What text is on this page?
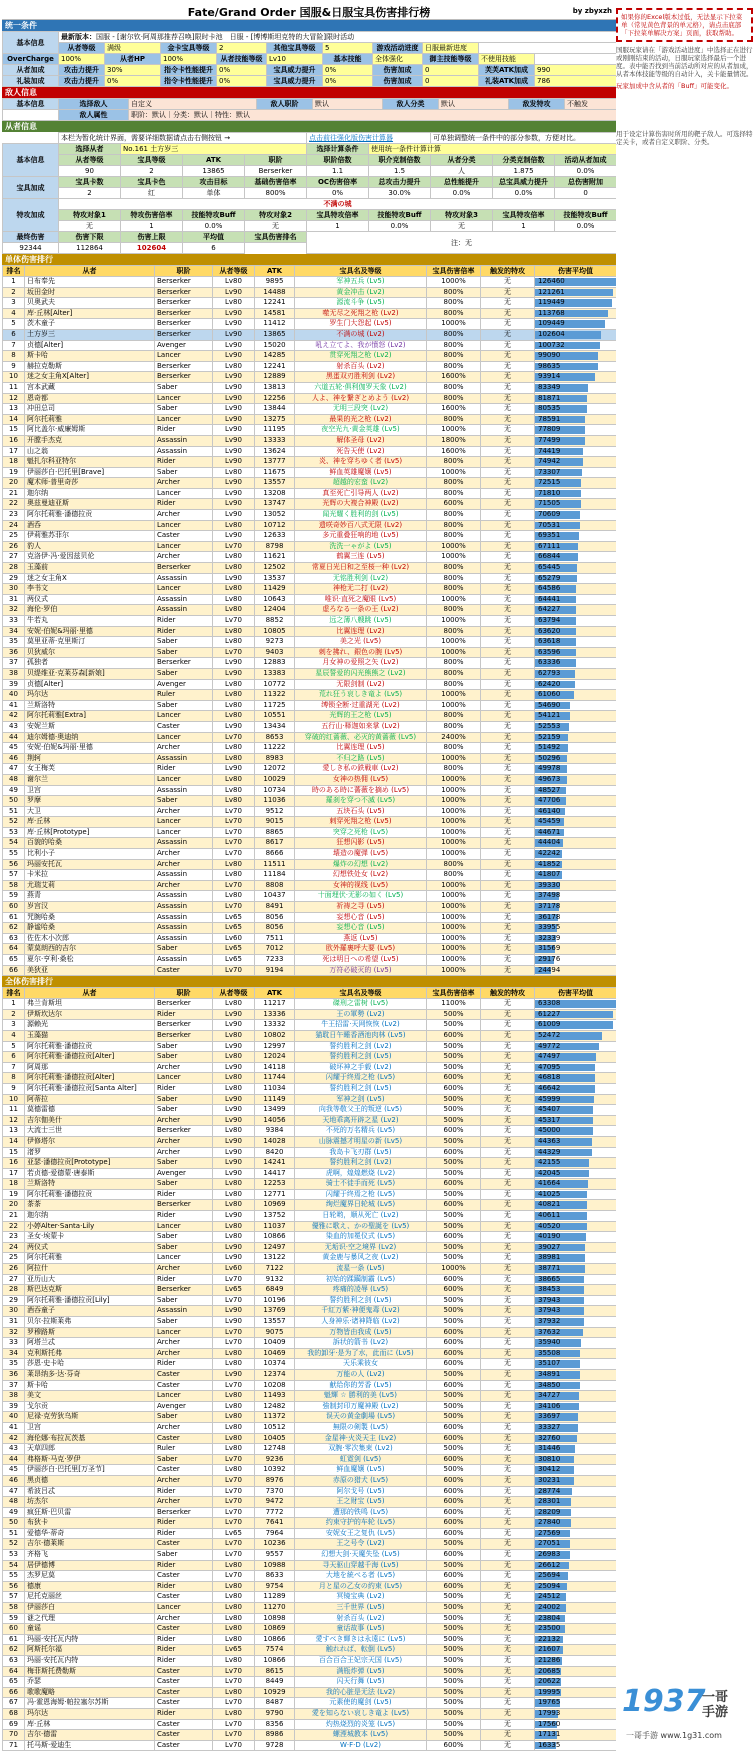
Fate/Grand Order 国服&日服宝具伤害排行榜	by zbyxzh
统一条件
基本信息	最新版本：国服 - [谢尔钦·阿周那推荐召唤]限时卡池　日服 - [博博斯坦克特的大冒险]限时活动									
	从者等级	满级	金卡宝具等级	2	其他宝具等级	5	游戏活动进度	日服最新进度		
OverCharge	100%	从者HP	100%	从者技能等级	Lv10	基本技能	全体强化	御主技能等级	不使用技能	
从者加成	攻击力提升	30%	指令卡性能提升	0%	宝具威力提升	0%	伤害加成	0	芙芙ATK加成	990
礼装加成	攻击力提升	0%	指令卡性能提升	0%	宝具威力提升	0%	伤害加成	0	礼装ATK加成	786
敌人信息
基本信息	选择敌人	自定义	敌人职阶	默认	敌人分类	默认	敌发特攻	不触发
	敌人属性	职阶：默认｜分类：默认｜特性：默认						
从者信息
	本栏为暂化统计界面，需要详细数据请点击右侧按钮 →				点击前往强化版伤害计算器		可单独调整统一条件中的部分参数，方便对比。		
基本信息	选择从者	No.161 土方岁三			选择计算条件	使用统一条件计算计算			
	从者等级	宝具等级	ATK	职阶	职阶倍数	职介克制倍数	从者分类	分类克制倍数	活动从者加成
	90	2	13865	Berserker	1.1	1.5	人	1.875	0.0%
宝具加成									
	宝具卡数	宝具卡色	攻击目标	基础伤害倍率	OC伤害倍率	总攻击力提升	总性能提升	总宝具威力提升	总伤害附加
	2	红	单体	800%	0%	30.0%	0.0%	0.0%	0
特攻加成	不满の城								
	特攻对象1	特攻伤害倍率	技能特攻Buff	特攻对象2	宝具特攻倍率	技能特攻Buff	特攻对象3	宝具特攻倍率	技能特攻Buff
	无	1	0.0%	无	1	0.0%	无	1	0.0%
最终伤害									
	伤害下限	伤害上限	平均值	宝具伤害排名	注：无				
92344	112864	102604	6						
单体伤害排行
排名	从者	职阶	从者等级	ATK	宝具名及等级	宝具伤害倍率	触发的特攻	伤害平均值
1	日布奉先	Berserker	Lv80	9895	军神五兵 (Lv5)	1000%	无	126460
2	坂田金时	Berserker	Lv90	14488	黄金冲击 (Lv2)	800%	无	121261
3	贝奥武夫	Berserker	Lv80	12241	源流斗争 (Lv5)	800%	无	119449
4	库·丘林[Alter]	Berserker	Lv90	14581	噬无尽之死翔之枪 (Lv2)	800%	无	113768
5	茨木童子	Berserker	Lv90	11412	罗生门大怨起 (Lv5)	1000%	无	109449
6	土方岁三	Berserker	Lv90	13865	不满の城 (Lv2)	800%	无	102604
7	贞德[Alter]	Avenger	Lv90	15020	吼え立てよ、我が憤怒 (Lv2)	800%	无	100732
8	斯卡哈	Lancer	Lv90	14285	贯穿死翔之枪 (Lv2)	800%	无	99090
9	赫拉克勒斯	Berserker	Lv80	12241	射杀百头 (Lv2)	800%	无	98635
10	迷之女主角X[Alter]	Berserker	Lv90	12889	黑蛋双刃胜利剑 (Lv2)	1600%	无	93914
11	宫本武藏	Saber	Lv90	13813	六道五轮·俱利伽罗天象 (Lv2)	800%	无	83349
12	恩奇都	Lancer	Lv90	12256	人よ、神を繋ぎとめよう (Lv2)	800%	无	81871
13	冲田总司	Saber	Lv90	13844	无明三段突 (Lv2)	1600%	无	80535
14	阿尔托莉雅	Lancer	Lv90	13275	最果的光之枪 (Lv2)	800%	无	78591
15	阿比盖尔·威廉姆斯	Rider	Lv90	11195	夜空光九·黄金英雄 (Lv5)	1000%	无	77809
16	开膛手杰克	Assassin	Lv90	13333	解体圣母 (Lv2)	1800%	无	77499
17	山之翁	Assassin	Lv90	13624	死告天使 (Lv2)	1600%	无	74419
18	魁扎尔科亚特尔	Rider	Lv90	13777	炎、神を穿ちゆく者 (Lv5)	800%	无	74942
19	伊丽莎白·巴托里[Brave]	Saber	Lv80	11675	鲜血英雄魔嬢 (Lv5)	1000%	无	73307
20	魔术师·普里奇莎	Archer	Lv90	13557	超越的宏蛮 (Lv2)	800%	无	72515
21	迦尔纳	Lancer	Lv90	13208	真至死亡引导两人 (Lv2)	800%	无	71810
22	奥兹曼迪亚斯	Rider	Lv90	13747	光辉の大複合神殿 (Lv2)	600%	无	71505
23	阿尔托莉雅·潘德拉贡	Archer	Lv90	13052	闻光耀く胜利的剑 (Lv5)	800%	无	70609
24	酒呑	Lancer	Lv80	10712	遗咲奇妙百八式无限 (Lv2)	800%	无	70531
25	伊莉雅苏菲尔	Caster	Lv90	12633	多元重叠狂响的地 (Lv5)	800%	无	69351
26	豹人	Lancer	Lv70	8798	洗洗一ゃがよ (Lv5)	1000%	无	67111
27	克洛伊·冯·爱因兹贝伦	Archer	Lv80	11621	鹤翼三连 (Lv5)	1000%	无	66844
28	玉藻前	Berserker	Lv80	12502	常夏日光日和之至桜一种 (Lv2)	800%	无	65445
29	迷之女主角X	Assassin	Lv90	13537	无铭胜利剑 (Lv2)	800%	无	65279
30	李书文	Lancer	Lv80	11429	神枪无二打 (Lv2)	800%	无	64586
31	两仪式	Assassin	Lv80	10643	唯识·直死之魔眼 (Lv5)	1000%	无	64441
32	海伦·罗伯	Assassin	Lv80	12404	虚ろなる一条の王 (Lv2)	800%	无	64227
33	牛若丸	Rider	Lv70	8852	远之薄八艘跳 (Lv5)	1000%	无	63794
34	安妮·伯妮&玛丽·里德	Rider	Lv80	10805	比翼连理 (Lv2)	800%	无	63620
35	莫里亚蒂·克里斯汀	Saber	Lv80	9273	美之光 (Lv5)	1000%	无	63618
36	贝狄威尔	Saber	Lv70	9403	刺を拂れ、銀色の腕 (Lv5)	1000%	无	63596
37	孤独者	Berserker	Lv90	12883	月女神の爱照之矢 (Lv2)	800%	无	63336
38	贝缇维亚·克莱芬森[新娘]	Saber	Lv90	13383	星辰誓爱的闪光熊熊之 (Lv2)	800%	无	62793
39	贞德[Alter]	Avenger	Lv80	10772	无限剑制 (Lv2)	800%	无	62420
40	玛尔达	Ruler	Lv80	11322	荒れ狂う哀しき竜よ (Lv5)	1000%	无	61060
41	兰斯洛特	Saber	Lv80	11725	缚锁全断·过重湖光 (Lv2)	1000%	无	54690
42	阿尔托莉雅[Extra]	Lancer	Lv80	10551	光辉的王之枪 (Lv5)	800%	无	54121
43	安妮兰斯	Caster	Lv90	13434	五行山·释迦如来掌 (Lv2)	800%	无	52553
44	迪尔姆德·奥迪纳	Lancer	Lv70	8653	穿破的红蔷薇、必灭的黄蔷薇 (Lv5)	2400%	无	52159
45	安妮·伯妮&玛丽·里德	Archer	Lv80	11222	比翼连理 (Lv5)	800%	无	51492
46	荆轲	Assassin	Lv80	8983	不归之路 (Lv5)	1000%	无	50296
47	女王梅芙	Rider	Lv90	12072	愛しき私の鉄戦車 (Lv2)	800%	无	49978
48	谢尔兰	Lancer	Lv80	10029	女神の热佣 (Lv5)	1000%	无	49673
49	卫宫	Assassin	Lv80	10734	時のある時に薔薇を摘め (Lv5)	1000%	无	48527
50	罗摩	Saber	Lv80	11036	羅刹を穿つ不滅 (Lv5)	1000%	无	47706
51	大卫	Archer	Lv70	9512	五块石头 (Lv5)	1000%	无	46140
52	库·丘林	Lancer	Lv70	9015	刺穿死翔之枪 (Lv5)	1000%	无	45459
53	库·丘林[Prototype]	Lancer	Lv70	8865	突穿之死枪 (Lv5)	1000%	无	44671
54	百貌的哈桑	Assassin	Lv70	8617	狂想闪影 (Lv5)	1000%	无	44404
55	比利小子	Archer	Lv70	8666	壊造の魔弾 (Lv5)	1000%	无	42242
56	玛丽安托瓦	Archer	Lv80	11511	爆炸の幻想 (Lv2)	800%	无	41852
57	卡米拉	Assassin	Lv80	11184	幻想铁处女 (Lv2)	800%	无	41807
58	尤瑞艾莉	Archer	Lv70	8808	女神的视线 (Lv5)	1000%	无	39330
59	燕青	Assassin	Lv80	10437	十面埋伏·无影の如く (Lv5)	1000%	无	37498
60	岁宫汉	Assassin	Lv70	8491	祈祷之寻 (Lv5)	1000%	无	37178
61	咒腕哈桑	Assassin	Lv65	8056	妄想心音 (Lv5)	1000%	无	36178
62	静谧哈桑	Assassin	Lv65	8056	妄想心音 (Lv5)	1000%	无	33955
63	佐佐木小次郎	Assassin	Lv60	7511	燕返 (Lv5)	1000%	无	32339
64	蒙莫朗西的吉尔	Saber	Lv65	7012	欧外羅裏呼大要 (Lv5)	1000%	无	31569
65	夏尔·亨利·桑松	Assassin	Lv65	7233	死は明日への希望 (Lv5)	1000%	无	29176
66	美狄亚	Caster	Lv70	9194	万符必破灭的 (Lv5)	1000%	无	24494
全体伤害排行
排名	从者	职阶	从者等级	ATK	宝具名及等级	宝具伤害倍率	触发的特攻	伤害平均值
1	弗兰肯斯坦	Berserker	Lv80	11217	磔刑之雷树 (Lv5)	1100%	无	63308
2	伊斯坎达尔	Rider	Lv90	13336	王の軍勢 (Lv2)	500%	无	61227
3	源赖光	Berserker	Lv90	13332	牛王招雷·天网恢恢 (Lv2)	500%	无	61009
4	玉藻猫	Berserker	Lv80	10802	猫耽日午睡香酒池肉林 (Lv5)	600%	无	52472
5	阿尔托莉雅·潘德拉贡	Saber	Lv90	12997	誓约胜利之剑 (Lv2)	500%	无	49772
6	阿尔托莉雅·潘德拉贡[Alter]	Saber	Lv80	12024	誓约胜利之剑 (Lv5)	500%	无	47497
7	阿周那	Archer	Lv90	14118	破坏神之手毅 (Lv2)	500%	无	47095
8	阿尔托莉雅·潘德拉贡[Alter]	Lancer	Lv80	11744	闪耀于终焉之枪 (Lv5)	600%	无	46818
9	阿尔托莉雅·潘德拉贡[Santa Alter]	Rider	Lv80	11034	誓约胜利之剑 (Lv5)	600%	无	46642
10	阿蒂拉	Saber	Lv90	11149	军神之剑 (Lv5)	500%	无	45999
11	莫德雷德	Saber	Lv90	13499	向我等敬父王的叛逆 (Lv5)	500%	无	45407
12	吉尔伽美什	Archer	Lv90	14056	天地乖离开辟之星 (Lv2)	500%	无	45317
13	大流士三世	Berserker	Lv80	9384	不死的万名精兵 (Lv5)	600%	无	45000
14	伊修塔尔	Archer	Lv90	14028	山脉震撼才明星の新 (Lv5)	500%	无	44363
15	渚罗	Archer	Lv90	8420	我岛卡飞刃群 (Lv5)	600%	无	44329
16	亚瑟·潘德拉贡[Prototype]	Saber	Lv90	14241	誓约胜利之剑 (Lv2)	500%	无	42155
17	若贞德·爱德蒙·唐泰斯	Avenger	Lv90	14417	虎啊，煌煌燃烧 (Lv2)	500%	无	42045
18	兰斯洛特	Saber	Lv80	12253	骑士不徒手而死 (Lv5)	600%	无	41664
19	阿尔托莉雅·潘德拉贡	Rider	Lv80	12771	闪耀于终焉之枪 (Lv5)	500%	无	41025
20	茶茶	Berserker	Lv80	10969	绚烂魔界日轮城 (Lv5)	600%	无	40821
21	迦尔纳	Rider	Lv90	13752	日轮哟，顺从死亡 (Lv2)	500%	无	40611
22	小婷Alter·Santa·Lily	Lancer	Lv80	11037	優雅に歌え、かの聖誕を (Lv5)	500%	无	40520
23	圣女·埃蒙卡	Saber	Lv80	10866	染血的加冕仪式 (Lv5)	600%	无	40190
24	两仪式	Saber	Lv90	12497	无垢识·空之境界 (Lv2)	500%	无	39027
25	阿尔托莉雅	Lancer	Lv90	13122	黄金鹿与暴风之夜 (Lv2)	500%	无	38981
26	阿拉什	Archer	Lv60	7122	流星一条 (Lv5)	1000%	无	38771
27	亚历山大	Rider	Lv70	9132	初始的蹂躏制霸 (Lv5)	600%	无	38665
28	斯巴达克斯	Berserker	Lv65	6849	疼痛的凌辱 (Lv5)	600%	无	38453
29	阿尔托莉雅·潘德拉贡[Lily]	Saber	Lv70	10196	誓约胜利之剑 (Lv5)	500%	无	37943
30	酒吞童子	Assassin	Lv90	13769	千紅万紫·神便鬼毒 (Lv2)	500%	无	37943
31	贝尔·拉斯莱弗	Saber	Lv90	13557	人身神乐·诸神降临 (Lv2)	500%	无	37932
32	罗穆路斯	Lancer	Lv70	9075	万物皆由我成 (Lv5)	600%	无	37632
33	阿塔兰忒	Archer	Lv70	10409	訴状的箭书 (Lv2)	600%	无	35940
34	克利斯托弗	Archer	Lv80	10469	我的卸牙·是为了水，此而に (Lv5)	600%	无	35508
35	莎恩·史卡哈	Rider	Lv80	10374	天乐乘彼女	600%	无	35107
36	莱昂纳多·达·芬奇	Caster	Lv90	12374	万能の人 (Lv2)	500%	无	34891
37	斯卡哈	Caster	Lv70	10208	献给你的芳香 (Lv5)	600%	无	34850
38	美文	Lancer	Lv80	11493	魁輝 ☆ 勝利的美 (Lv5)	500%	无	34727
39	戈尔贡	Avenger	Lv80	12482	強制封印万魔神殿 (Lv2)	500%	无	34106
40	尼禄·克劳狄乌斯	Saber	Lv80	11372	误天の黄金劇場 (Lv5)	500%	无	33697
41	卫宫	Archer	Lv80	10512	無限の剣製 (Lv5)	600%	无	33327
42	海伦娜·布拉瓦茨基	Caster	Lv80	10405	金星神·火炎天主 (Lv2)	600%	无	32760
43	天草四郎	Ruler	Lv80	12748	双腕·零次集束 (Lv2)	500%	无	31446
44	弗格斯·马克·罗伊	Saber	Lv70	9236	虹霓剑 (Lv5)	600%	无	30810
45	伊丽莎白·巴托里[万圣节]	Caster	Lv80	10392	鲜血魔嬢 (Lv5)	500%	无	30412
46	黑贞德	Archer	Lv70	8976	赤原の猎犬 (Lv5)	600%	无	30231
47	希波吕忒	Rider	Lv70	7370	阿尔戈号 (Lv5)	600%	无	28774
48	坊杰尔	Archer	Lv70	9472	王之财宝 (Lv5)	600%	无	28301
49	疯狂斯·巴贝雷	Berserker	Lv70	7772	遭那的铁鸣 (Lv5)	600%	无	28209
50	布狄卡	Rider	Lv70	7641	约束守护的车轮 (Lv5)	600%	无	27840
51	爱德华·蒂奇	Rider	Lv65	7964	安妮女王之复仇 (Lv5)	600%	无	27569
52	吉尔·德莱斯	Caster	Lv70	10236	王之号令 (Lv2)	500%	无	27051
53	齐格飞	Saber	Lv70	9557	幻想大剑·天魔失坠 (Lv5)	600%	无	26983
54	居伊德博	Rider	Lv80	10988	寻天驱山穿越千海 (Lv5)	500%	无	26612
55	杰罗尼莫	Caster	Lv70	8633	大地を統べる者 (Lv5)	600%	无	25694
56	德康	Rider	Lv80	9754	月と星の乙女の約束 (Lv5)	600%	无	25094
57	尼托克丽丝	Caster	Lv80	11289	冥镜宝典 (Lv2)	500%	无	24512
58	伊丽莎白	Lancer	Lv80	11270	三千世界 (Lv5)	500%	无	24002
59	谜之代理	Archer	Lv80	10898	射杀百头 (Lv2)	500%	无	23804
60	童谣	Caster	Lv80	10869	童话故事 (Lv5)	500%	无	23500
61	玛丽·安托瓦内特	Rider	Lv80	10866	愛すべき輝きは永遠に (Lv5)	500%	无	22132
62	阿斯托尔福	Rider	Lv65	7574	触れれば、転倒 (Lv5)	500%	无	21607
63	玛丽·安托瓦内特	Rider	Lv80	10866	百合百合王妃宗天国 (Lv5)	500%	无	21286
64	梅菲斯托费勒斯	Caster	Lv70	8615	满瓶炸弹 (Lv5)	500%	无	20685
65	乔瑟	Caster	Lv70	8449	闪天行舞 (Lv5)	500%	无	20622
66	歌歌魔略	Caster	Lv80	10929	我的心脏是无法 (Lv2)	500%	无	19995
67	冯·霍恩海姆·帕拉塞尔苏斯	Caster	Lv70	8487	元素使的魔剑 (Lv5)	500%	无	19765
68	玛尔达	Rider	Lv80	9790	愛を知らない哀しき竜よ (Lv5)	500%	无	17993
69	库·丘林	Caster	Lv70	8356	灼热烧烈的炎笼 (Lv5)	500%	无	17560
70	吉尔·德雷	Caster	Lv70	8986	螺湮城教本 (Lv5)	500%	无	17131
71	托马斯·爱迪生	Caster	Lv70	9728	W·F·D (Lv2)	600%	无	16335
如果你的Excel版本过低，无法显示下拉菜单（常见黄色背景的单元格），请点击底部「下拉菜单解决方案」页面，获取帮助。
国服玩家请在「游戏活动进度」中选择正在进行或刚刚结束的活动，日服玩家选择最后一个进度。表中能否找到当前活动所对应的从者加成，从者本体技能等级的自动计入，关卡能量情况。
玩家加成中含从者的「Buff」可能变化。
用于设定计算伤害时所用的靶子敌人。可选择特定关卡，或者自定义职阶、分类。
1937
一哥
手游
一哥手游 www.1g31.com
